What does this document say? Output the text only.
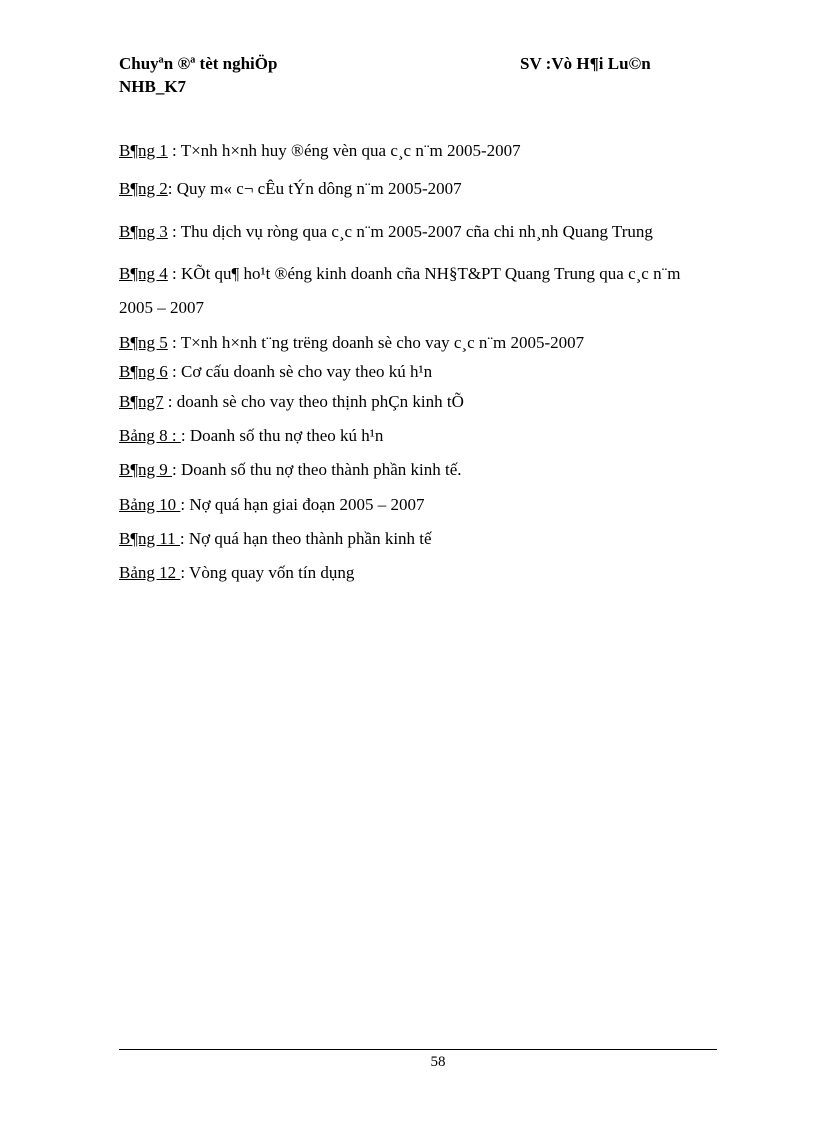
Chuyªn ®ª tèt nghiÖp	SV :Vò H¶i Lu©n
NHB_K7
B¶ng 1 : T×nh h×nh huy ®éng vèn qua c¸c n¨m 2005-2007
B¶ng 2: Quy m« c¬ cÊu tÝn dông n¨m 2005-2007
B¶ng 3 : Thu dịch vụ ròng qua c¸c n¨m 2005-2007 cña chi nh¸nh Quang Trung
B¶ng 4 : KÕt qu¶ ho¹t ®éng kinh doanh cña NH§T&PT Quang Trung qua c¸c n¨m
2005 – 2007
B¶ng 5 : T×nh h×nh t¨ng trëng doanh sè cho vay c¸c n¨m 2005-2007
B¶ng 6 : Cơ cấu doanh sè cho vay theo kú h¹n
B¶ng7 : doanh sè cho vay theo thịnh phÇn kinh tÕ
Bảng 8 : : Doanh số thu nợ theo kú h¹n
B¶ng 9 : Doanh số thu nợ theo thành phần kinh tế.
Bảng 10 : Nợ quá hạn giai đoạn 2005 – 2007
B¶ng 11 : Nợ quá hạn theo thành phần kinh tế
Bảng 12 : Vòng quay vốn tín dụng
58
